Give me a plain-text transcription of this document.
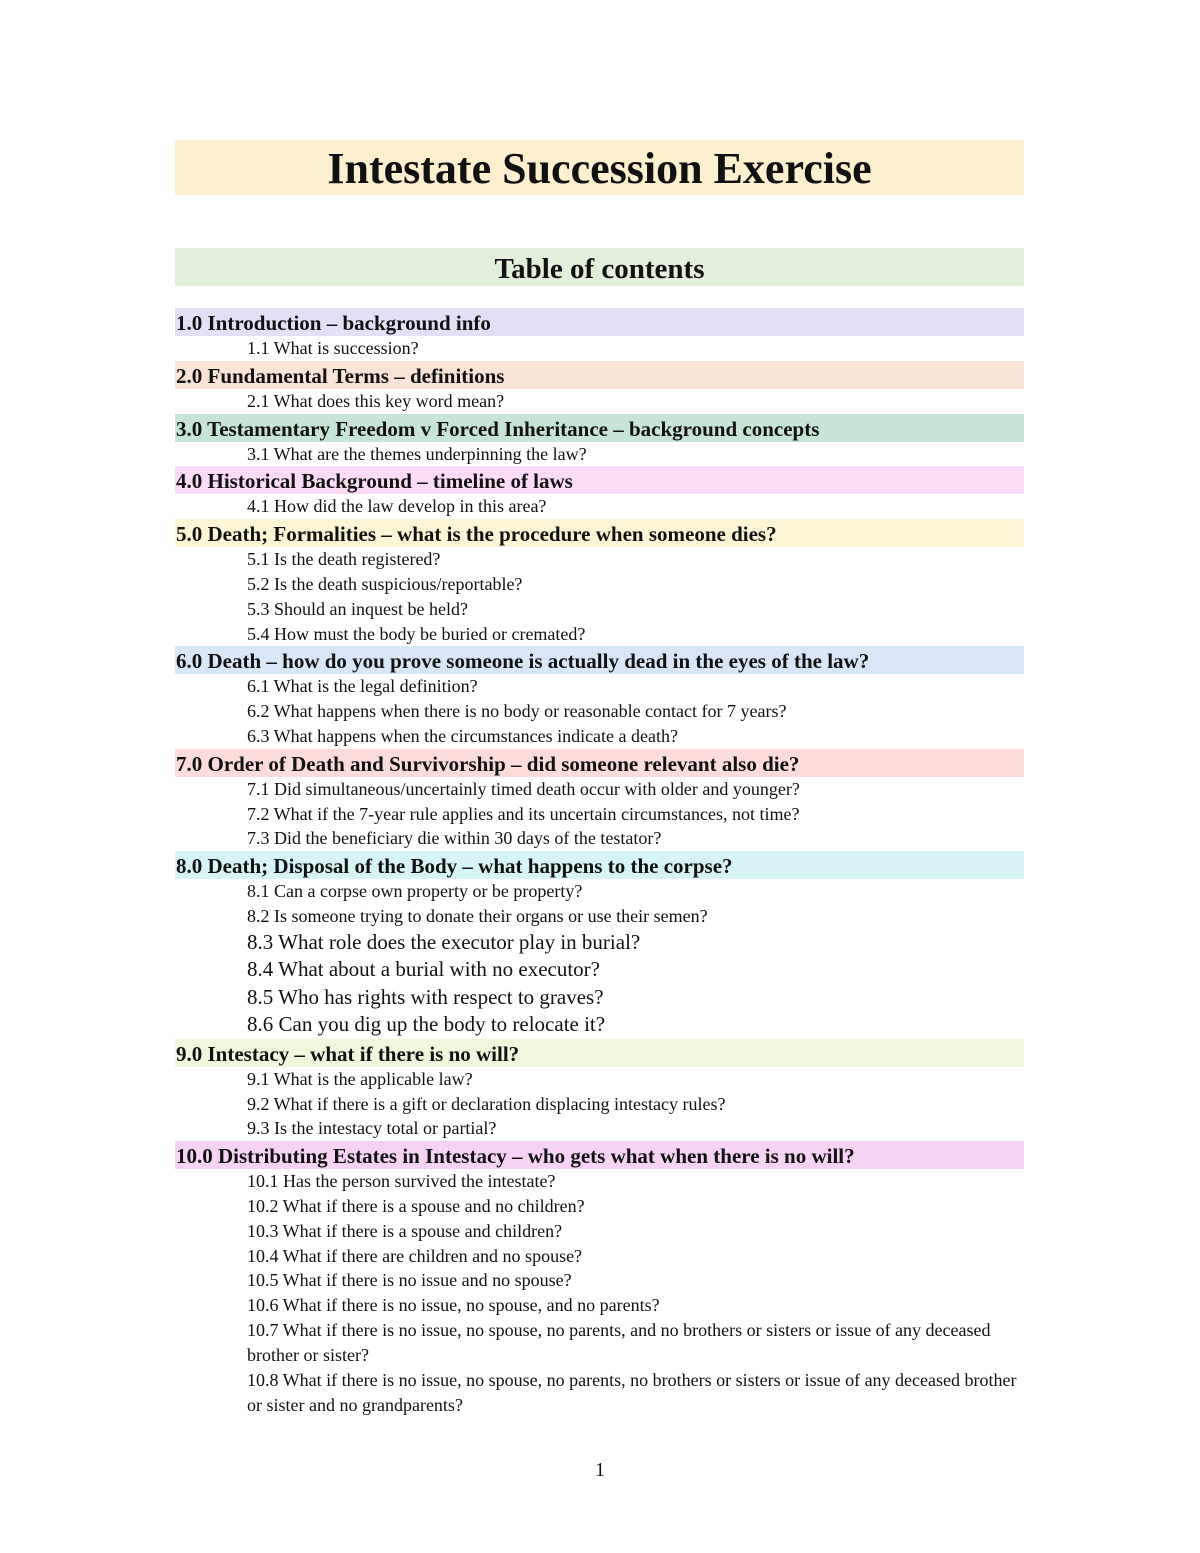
Intestate Succession Exercise
Table of contents
1.0 Introduction – background info
1.1 What is succession?
2.0 Fundamental Terms – definitions
2.1 What does this key word mean?
3.0 Testamentary Freedom v Forced Inheritance – background concepts
3.1 What are the themes underpinning the law?
4.0 Historical Background – timeline of laws
4.1 How did the law develop in this area?
5.0 Death; Formalities – what is the procedure when someone dies?
5.1 Is the death registered?
5.2 Is the death suspicious/reportable?
5.3 Should an inquest be held?
5.4 How must the body be buried or cremated?
6.0 Death – how do you prove someone is actually dead in the eyes of the law?
6.1 What is the legal definition?
6.2 What happens when there is no body or reasonable contact for 7 years?
6.3 What happens when the circumstances indicate a death?
7.0 Order of Death and Survivorship – did someone relevant also die?
7.1 Did simultaneous/uncertainly timed death occur with older and younger?
7.2 What if the 7-year rule applies and its uncertain circumstances, not time?
7.3 Did the beneficiary die within 30 days of the testator?
8.0 Death; Disposal of the Body – what happens to the corpse?
8.1 Can a corpse own property or be property?
8.2 Is someone trying to donate their organs or use their semen?
8.3 What role does the executor play in burial?
8.4 What about a burial with no executor?
8.5 Who has rights with respect to graves?
8.6 Can you dig up the body to relocate it?
9.0 Intestacy – what if there is no will?
9.1 What is the applicable law?
9.2 What if there is a gift or declaration displacing intestacy rules?
9.3 Is the intestacy total or partial?
10.0 Distributing Estates in Intestacy – who gets what when there is no will?
10.1 Has the person survived the intestate?
10.2 What if there is a spouse and no children?
10.3 What if there is a spouse and children?
10.4 What if there are children and no spouse?
10.5 What if there is no issue and no spouse?
10.6 What if there is no issue, no spouse, and no parents?
10.7 What if there is no issue, no spouse, no parents, and no brothers or sisters or issue of any deceased brother or sister?
10.8 What if there is no issue, no spouse, no parents, no brothers or sisters or issue of any deceased brother or sister and no grandparents?
1
